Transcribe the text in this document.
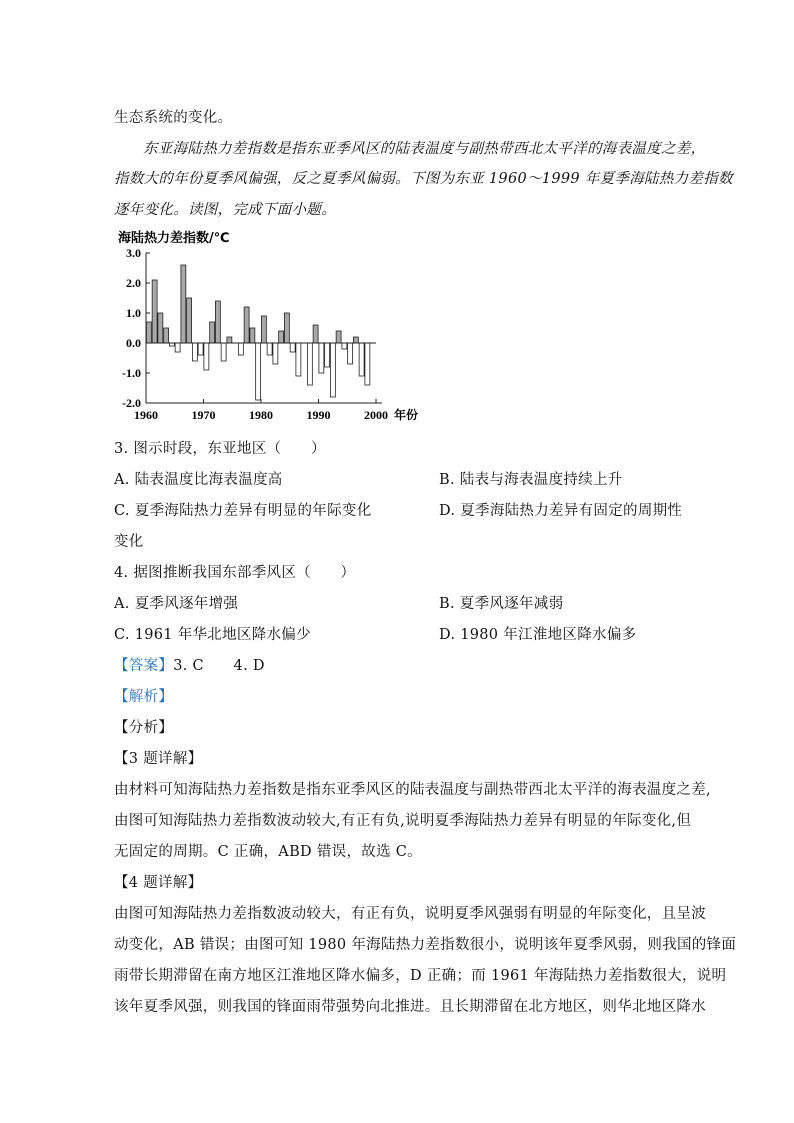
生态系统的变化。
东亚海陆热力差指数是指东亚季风区的陆表温度与副热带西北太平洋的海表温度之差，
指数大的年份夏季风偏强，反之夏季风偏弱。下图为东亚 1960～1999 年夏季海陆热力差指数
逐年变化。读图，完成下面小题。
海陆热力差指数/℃
3.0
2.0
1.0
0.0
-1.0
-2.0
1960	1970	1980	1990	2000 年份
3. 图示时段，东亚地区（　　）
A. 陆表温度比海表温度高	B. 陆表与海表温度持续上升
C. 夏季海陆热力差异有明显的年际变化	D. 夏季海陆热力差异有固定的周期性
变化
4. 据图推断我国东部季风区（　　）
A. 夏季风逐年增强	B. 夏季风逐年减弱
C. 1961 年华北地区降水偏少	D. 1980 年江淮地区降水偏多
【答案】3. C　　4. D
【解析】
【分析】
【3 题详解】
由材料可知海陆热力差指数是指东亚季风区的陆表温度与副热带西北太平洋的海表温度之差,
由图可知海陆热力差指数波动较大,有正有负,说明夏季海陆热力差异有明显的年际变化,但
无固定的周期。C 正确，ABD 错误，故选 C。
【4 题详解】
由图可知海陆热力差指数波动较大，有正有负，说明夏季风强弱有明显的年际变化，且呈波
动变化，AB 错误；由图可知 1980 年海陆热力差指数很小，说明该年夏季风弱，则我国的锋面
雨带长期滞留在南方地区江淮地区降水偏多，D 正确；而 1961 年海陆热力差指数很大，说明
该年夏季风强，则我国的锋面雨带强势向北推进。且长期滞留在北方地区，则华北地区降水
